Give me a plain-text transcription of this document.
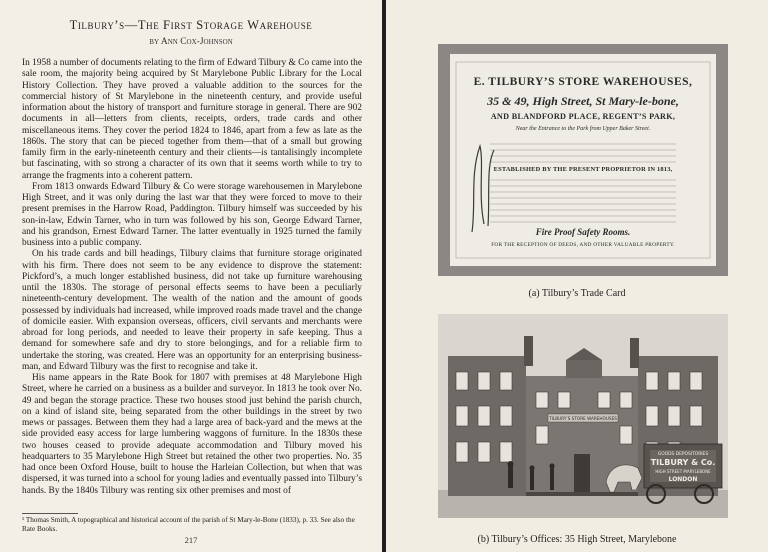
Tilbury’s—The First Storage Warehouse
by Ann Cox-Johnson

In 1958 a number of documents relating to the firm of Edward Tilbury & Co came into the sale room, the majority being acquired by St Marylebone Public Library for the Local History Collection. They have proved a valuable addition to the sources for the commercial history of St Marylebone in the nineteenth century, and provide useful information about the history of transport and furniture storage in general. There are 902 documents in all—letters from clients, receipts, orders, trade cards and other miscellaneous items. They cover the period 1824 to 1846, apart from a few as late as the 1860s. The story that can be pieced together from them—that of a small but growing family firm in the early-nineteenth century and their clients—is tantalisingly incomplete but fascinating, with so strong a character of its own that it seems worth while to try to arrange the fragments into a coherent pattern.

From 1813 onwards Edward Tilbury & Co were storage warehousemen in Marylebone High Street, and it was only during the last war that they were forced to move to their present premises in the Harrow Road, Paddington. Tilbury himself was succeeded by his son-in-law, Edwin Tarner, who in turn was followed by his son, George Edward Tarner, and his grandson, Ernest Edward Tarner. The latter eventually in 1925 turned the family business into a public company.

On his trade cards and bill headings, Tilbury claims that furniture storage originated with his firm. There does not seem to be any evidence to disprove the statement: Pickford’s, a much longer established business, did not take up furniture warehousing until the 1830s. The storage of personal effects seems to have been a peculiarly nineteenth-century development. The wealth of the nation and the amount of goods possessed by individuals had increased, while improved roads made travel and the change of domicile easier. With expansion overseas, officers, civil servants and merchants were abroad for long periods, and needed to leave their property in safe keeping. Thus a demand for somewhere safe and dry to store belongings, and for a reliable firm to undertake the storing, was created. Here was an opportunity for an enterprising business-man, and Edward Tilbury was the first to recognise and take it.

His name appears in the Rate Book for 1807 with premises at 48 Marylebone High Street, where he carried on a business as a builder and surveyor. In 1813 he took over No. 49 and began the storage practice. These two houses stood just behind the parish church, on a kind of island site, being separated from the other buildings in the street by two mews or passages. Between them they had a large area of back-yard and the mews at the side provided easy access for large lumbering waggons of furniture. In the 1830s these two houses ceased to provide adequate accommodation and Tilbury moved his headquarters to 35 Marylebone High Street but retained the other two properties. No. 35 had once been Oxford House, built to house the Harleian Collection, but when that was dispersed, it was turned into a school for young ladies and eventually passed into Tilbury’s hands. By the 1840s Tilbury was renting six other premises and most of

¹ Thomas Smith, A topographical and historical account of the parish of St Mary-le-Bone (1833), p. 33. See also the Rate Books.
217
E. TILBURY’S STORE WAREHOUSES,
35 & 49, High Street, St Mary-le-bone,
AND BLANDFORD PLACE, REGENT’S PARK,
Near the Entrance to the Park from Upper Baker Street.
ESTABLISHED BY THE PRESENT PROPRIETOR IN 1813,
Fire Proof Safety Rooms.
FOR THE RECEPTION OF DEEDS, AND OTHER VALUABLE PROPERTY.
(a) Tilbury’s Trade Card
TILBURY’S STORE WAREHOUSES
GOODS DEPOSITORIES
TILBURY & Co.
HIGH STREET MARYLEBONE
LONDON
(b) Tilbury’s Offices: 35 High Street, Marylebone
